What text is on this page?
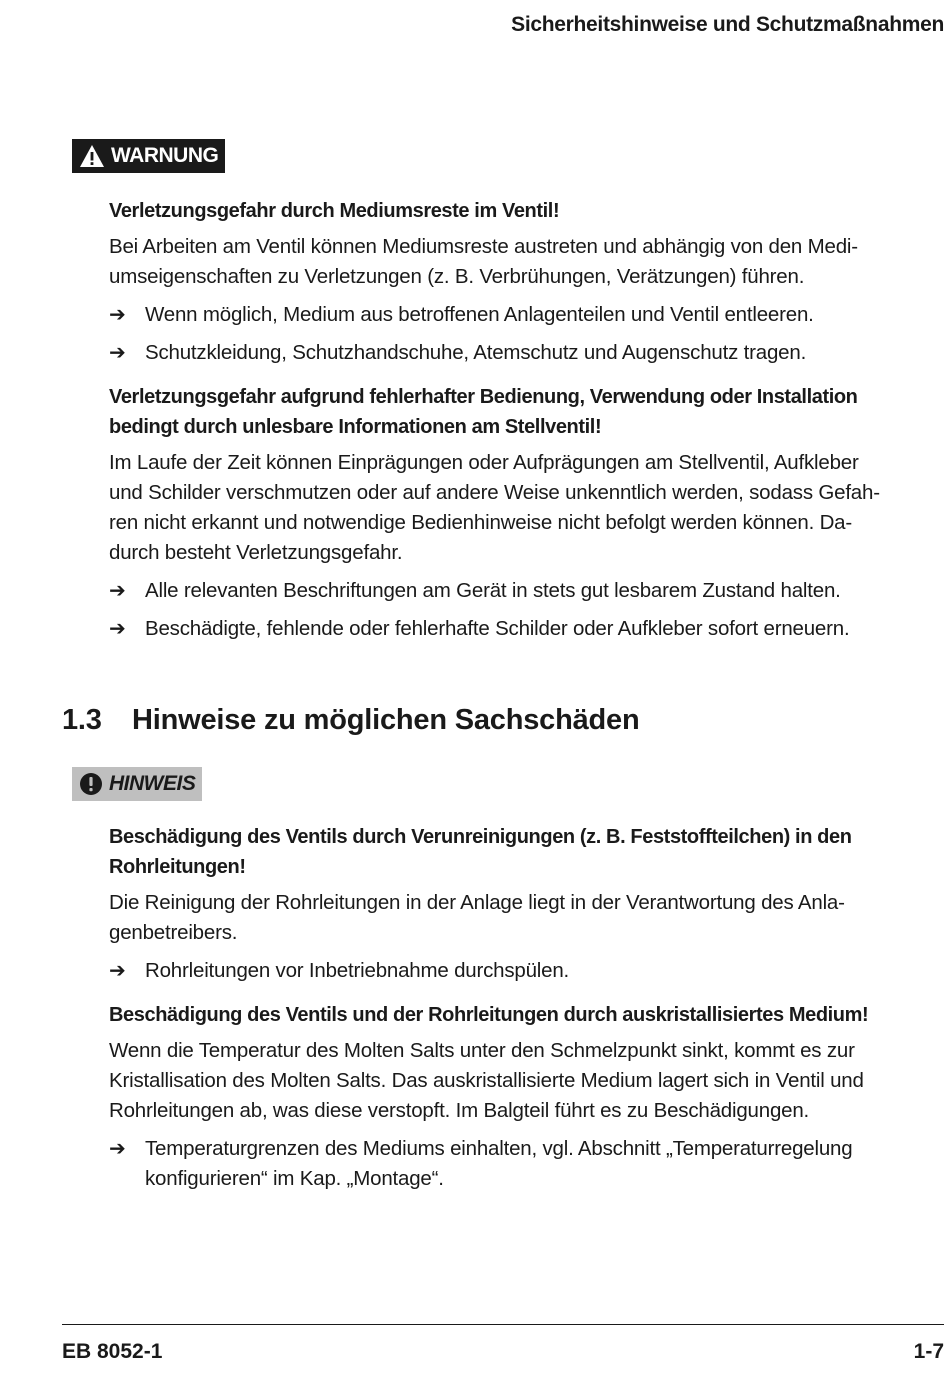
Sicherheitshinweise und Schutzmaßnahmen
WARNUNG
Verletzungsgefahr durch Mediumsreste im Ventil!
Bei Arbeiten am Ventil können Mediumsreste austreten und abhängig von den Medi-
umseigenschaften zu Verletzungen (z. B. Verbrühungen, Verätzungen) führen.
➔ Wenn möglich, Medium aus betroffenen Anlagenteilen und Ventil entleeren.
➔ Schutzkleidung, Schutzhandschuhe, Atemschutz und Augenschutz tragen.
Verletzungsgefahr aufgrund fehlerhafter Bedienung, Verwendung oder Installation
bedingt durch unlesbare Informationen am Stellventil!
Im Laufe der Zeit können Einprägungen oder Aufprägungen am Stellventil, Aufkleber
und Schilder verschmutzen oder auf andere Weise unkenntlich werden, sodass Gefah-
ren nicht erkannt und notwendige Bedienhinweise nicht befolgt werden können. Da-
durch besteht Verletzungsgefahr.
➔ Alle relevanten Beschriftungen am Gerät in stets gut lesbarem Zustand halten.
➔ Beschädigte, fehlende oder fehlerhafte Schilder oder Aufkleber sofort erneuern.
1.3 Hinweise zu möglichen Sachschäden
HINWEIS
Beschädigung des Ventils durch Verunreinigungen (z. B. Feststoffteilchen) in den
Rohrleitungen!
Die Reinigung der Rohrleitungen in der Anlage liegt in der Verantwortung des Anla-
genbetreibers.
➔ Rohrleitungen vor Inbetriebnahme durchspülen.
Beschädigung des Ventils und der Rohrleitungen durch auskristallisiertes Medium!
Wenn die Temperatur des Molten Salts unter den Schmelzpunkt sinkt, kommt es zur
Kristallisation des Molten Salts. Das auskristallisierte Medium lagert sich in Ventil und
Rohrleitungen ab, was diese verstopft. Im Balgteil führt es zu Beschädigungen.
➔ Temperaturgrenzen des Mediums einhalten, vgl. Abschnitt „Temperaturregelung
konfigurieren“ im Kap. „Montage“.
EB 8052-1	1-7
